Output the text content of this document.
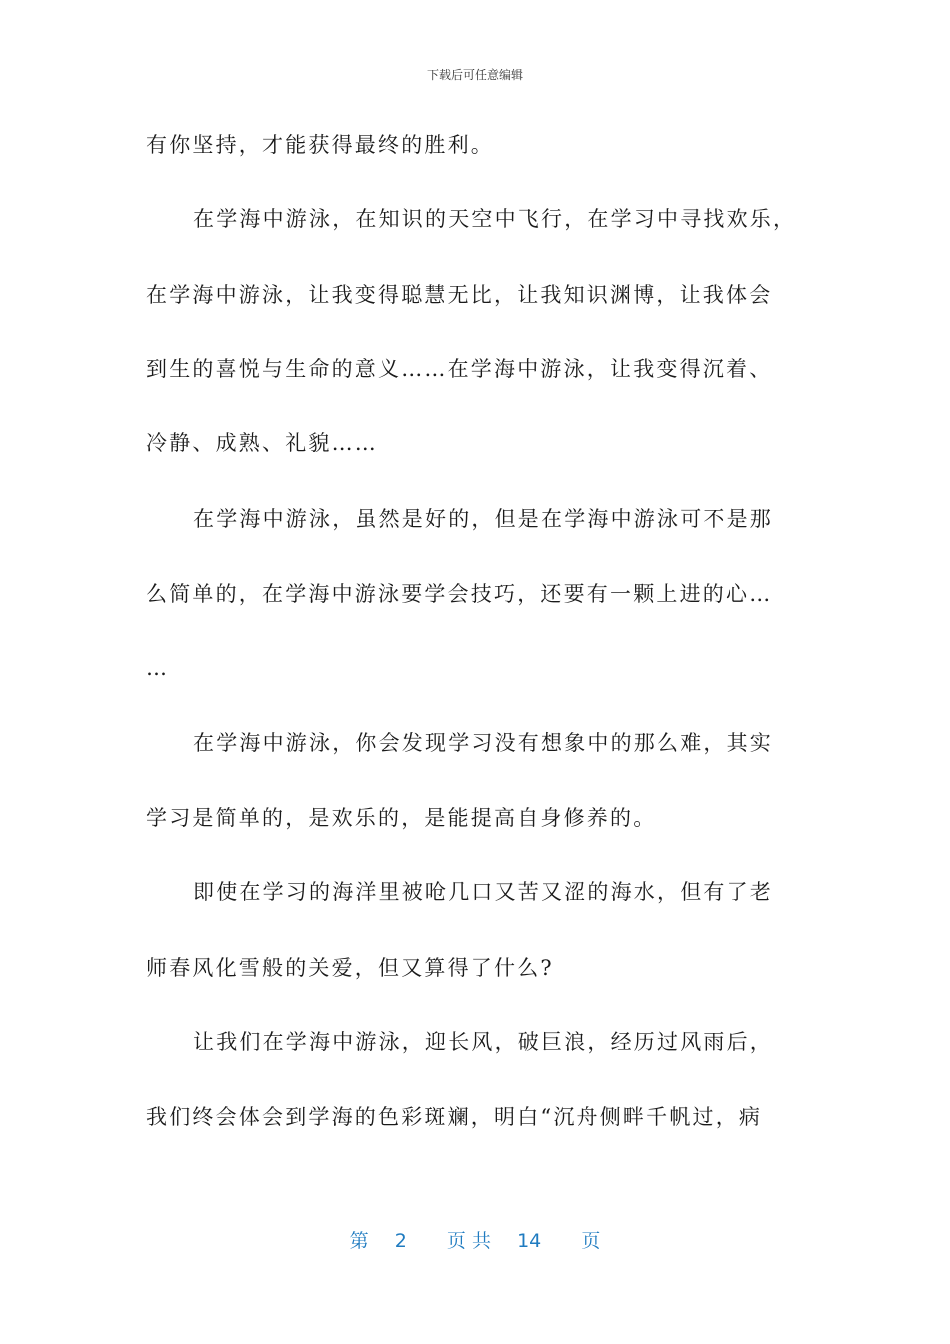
下载后可任意编辑
有你坚持，才能获得最终的胜利。
在学海中游泳，在知识的天空中飞行，在学习中寻找欢乐，
在学海中游泳，让我变得聪慧无比，让我知识渊博，让我体会
到生的喜悦与生命的意义……在学海中游泳，让我变得沉着、
冷静、成熟、礼貌……
在学海中游泳，虽然是好的，但是在学海中游泳可不是那
么简单的，在学海中游泳要学会技巧，还要有一颗上进的心…
…
在学海中游泳，你会发现学习没有想象中的那么难，其实
学习是简单的，是欢乐的，是能提高自身修养的。
即使在学习的海洋里被呛几口又苦又涩的海水，但有了老
师春风化雪般的关爱，但又算得了什么?
让我们在学海中游泳，迎长风，破巨浪，经历过风雨后，
我们终会体会到学海的色彩斑斓，明白“沉舟侧畔千帆过，病
第 2 页 共 14 页
